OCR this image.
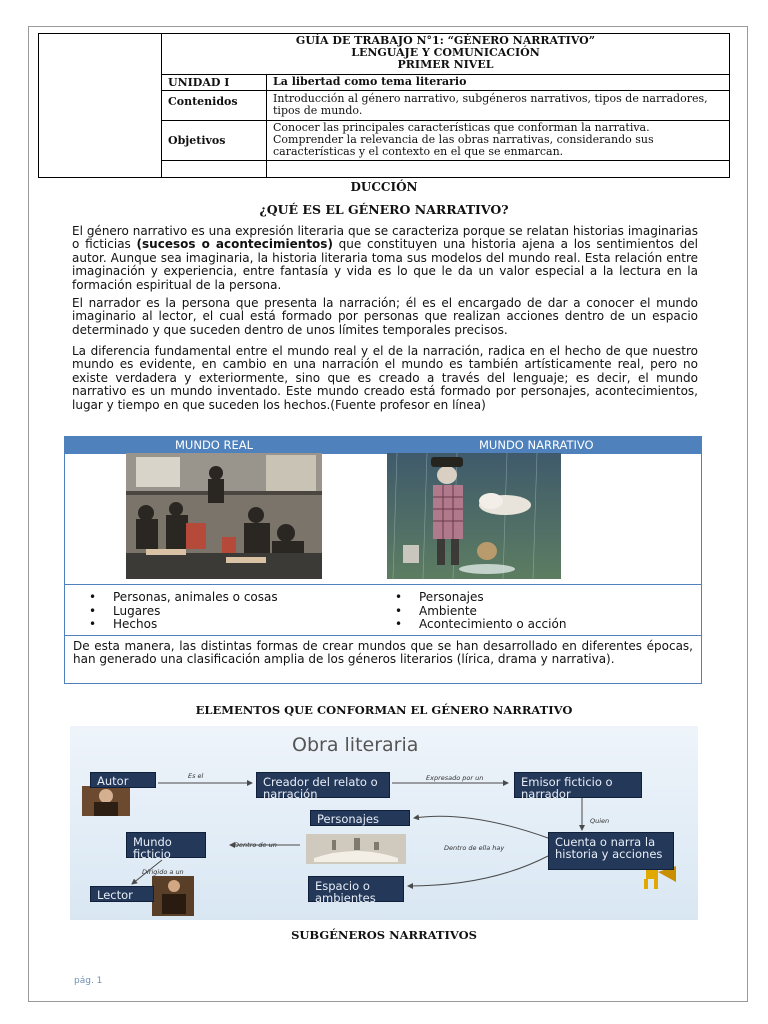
	GUÍA DE TRABAJO N°1: “GÉNERO NARRATIVO”
LENGUAJE Y COMUNICACIÓN
PRIMER NIVEL	

	UNIDAD I	La libertad como tema literario
	Contenidos	Introducción al género narrativo, subgéneros narrativos, tipos de narradores, tipos de mundo.
	Objetivos	Conocer las principales características que conforman la narrativa. Comprender la relevancia de las obras narrativas, considerando sus características y el contexto en el que se enmarcan.

DUCCIÓN
¿QUÉ ES EL GÉNERO NARRATIVO?

El género narrativo es una expresión literaria que se caracteriza porque se relatan historias imaginarias o ficticias (sucesos o acontecimientos) que constituyen una historia ajena a los sentimientos del autor. Aunque sea imaginaria, la historia literaria toma sus modelos del mundo real. Esta relación entre imaginación y experiencia, entre fantasía y vida es lo que le da un valor especial a la lectura en la formación espiritual de la persona.

El narrador es la persona que presenta la narración; él es el encargado de dar a conocer el mundo imaginario al lector, el cual está formado por personas que realizan acciones dentro de un espacio determinado y que suceden dentro de unos límites temporales precisos.

La diferencia fundamental entre el mundo real y el de la narración, radica en el hecho de que nuestro mundo es evidente, en cambio en una narración el mundo es también artísticamente real, pero no existe verdadera y exteriormente, sino que es creado a través del lenguaje; es decir, el mundo narrativo es un mundo inventado. Este mundo creado está formado por personajes, acontecimientos, lugar y tiempo en que suceden los hechos.(Fuente profesor en línea)

MUNDO REAL	MUNDO NARRATIVO
• Personas, animales o cosas
• Lugares
• Hechos
• Personajes
• Ambiente
• Acontecimiento o acción
De esta manera, las distintas formas de crear mundos que se han desarrollado en diferentes épocas, han generado una clasificación amplia de los géneros literarios (lírica, drama y narrativa).
ELEMENTOS QUE CONFORMAN EL GÉNERO NARRATIVO
Obra literaria
Autor	Creador del relato o narración
Emisor ficticio o narrador
Personajes
Mundo ficticio
Cuenta o narra la historia y acciones
Lector
Espacio o ambientes
Es el	Expresado por un
Quien
Dentro de un	Dentro de ella hay
Dirigido a un
SUBGÉNEROS NARRATIVOS
pág. 1
